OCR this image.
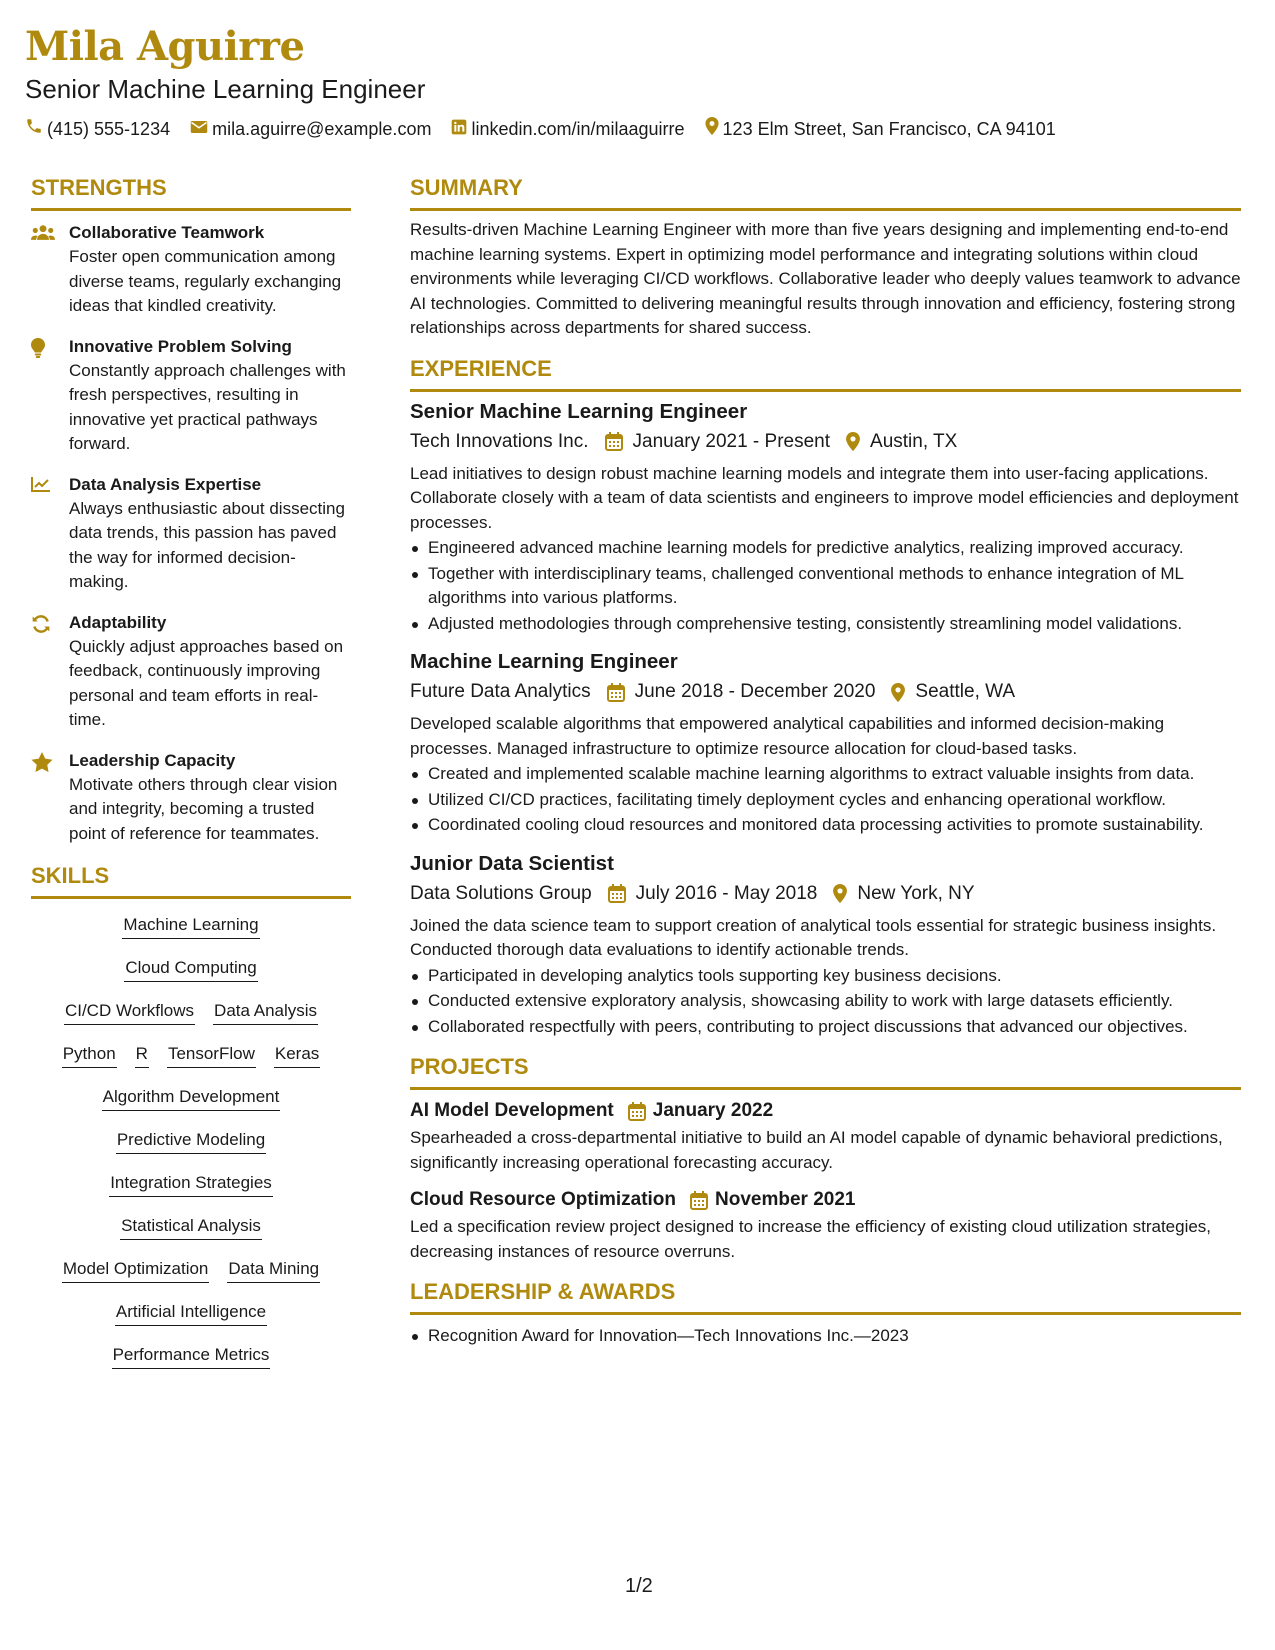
Mila Aguirre
Senior Machine Learning Engineer
(415) 555-1234 mila.aguirre@example.com linkedin.com/in/milaaguirre 123 Elm Street, San Francisco, CA 94101
STRENGTHS
Collaborative Teamwork
Foster open communication among diverse teams, regularly exchanging ideas that kindled creativity.
Innovative Problem Solving
Constantly approach challenges with fresh perspectives, resulting in innovative yet practical pathways forward.
Data Analysis Expertise
Always enthusiastic about dissecting data trends, this passion has paved the way for informed decision-making.
Adaptability
Quickly adjust approaches based on feedback, continuously improving personal and team efforts in real-time.
Leadership Capacity
Motivate others through clear vision and integrity, becoming a trusted point of reference for teammates.
SKILLS
Machine Learning
Cloud Computing
CI/CD Workflows Data Analysis
Python R TensorFlow Keras
Algorithm Development
Predictive Modeling
Integration Strategies
Statistical Analysis
Model Optimization Data Mining
Artificial Intelligence
Performance Metrics
SUMMARY
Results-driven Machine Learning Engineer with more than five years designing and implementing end-to-end machine learning systems. Expert in optimizing model performance and integrating solutions within cloud environments while leveraging CI/CD workflows. Collaborative leader who deeply values teamwork to advance AI technologies. Committed to delivering meaningful results through innovation and efficiency, fostering strong relationships across departments for shared success.
EXPERIENCE
Senior Machine Learning Engineer
Tech Innovations Inc. January 2021 - Present Austin, TX
Lead initiatives to design robust machine learning models and integrate them into user-facing applications. Collaborate closely with a team of data scientists and engineers to improve model efficiencies and deployment processes.
Engineered advanced machine learning models for predictive analytics, realizing improved accuracy.
Together with interdisciplinary teams, challenged conventional methods to enhance integration of ML algorithms into various platforms.
Adjusted methodologies through comprehensive testing, consistently streamlining model validations.
Machine Learning Engineer
Future Data Analytics June 2018 - December 2020 Seattle, WA
Developed scalable algorithms that empowered analytical capabilities and informed decision-making processes. Managed infrastructure to optimize resource allocation for cloud-based tasks.
Created and implemented scalable machine learning algorithms to extract valuable insights from data.
Utilized CI/CD practices, facilitating timely deployment cycles and enhancing operational workflow.
Coordinated cooling cloud resources and monitored data processing activities to promote sustainability.
Junior Data Scientist
Data Solutions Group July 2016 - May 2018 New York, NY
Joined the data science team to support creation of analytical tools essential for strategic business insights. Conducted thorough data evaluations to identify actionable trends.
Participated in developing analytics tools supporting key business decisions.
Conducted extensive exploratory analysis, showcasing ability to work with large datasets efficiently.
Collaborated respectfully with peers, contributing to project discussions that advanced our objectives.
PROJECTS
AI Model Development January 2022
Spearheaded a cross-departmental initiative to build an AI model capable of dynamic behavioral predictions, significantly increasing operational forecasting accuracy.
Cloud Resource Optimization November 2021
Led a specification review project designed to increase the efficiency of existing cloud utilization strategies, decreasing instances of resource overruns.
LEADERSHIP & AWARDS
Recognition Award for Innovation—Tech Innovations Inc.—2023
1/2
